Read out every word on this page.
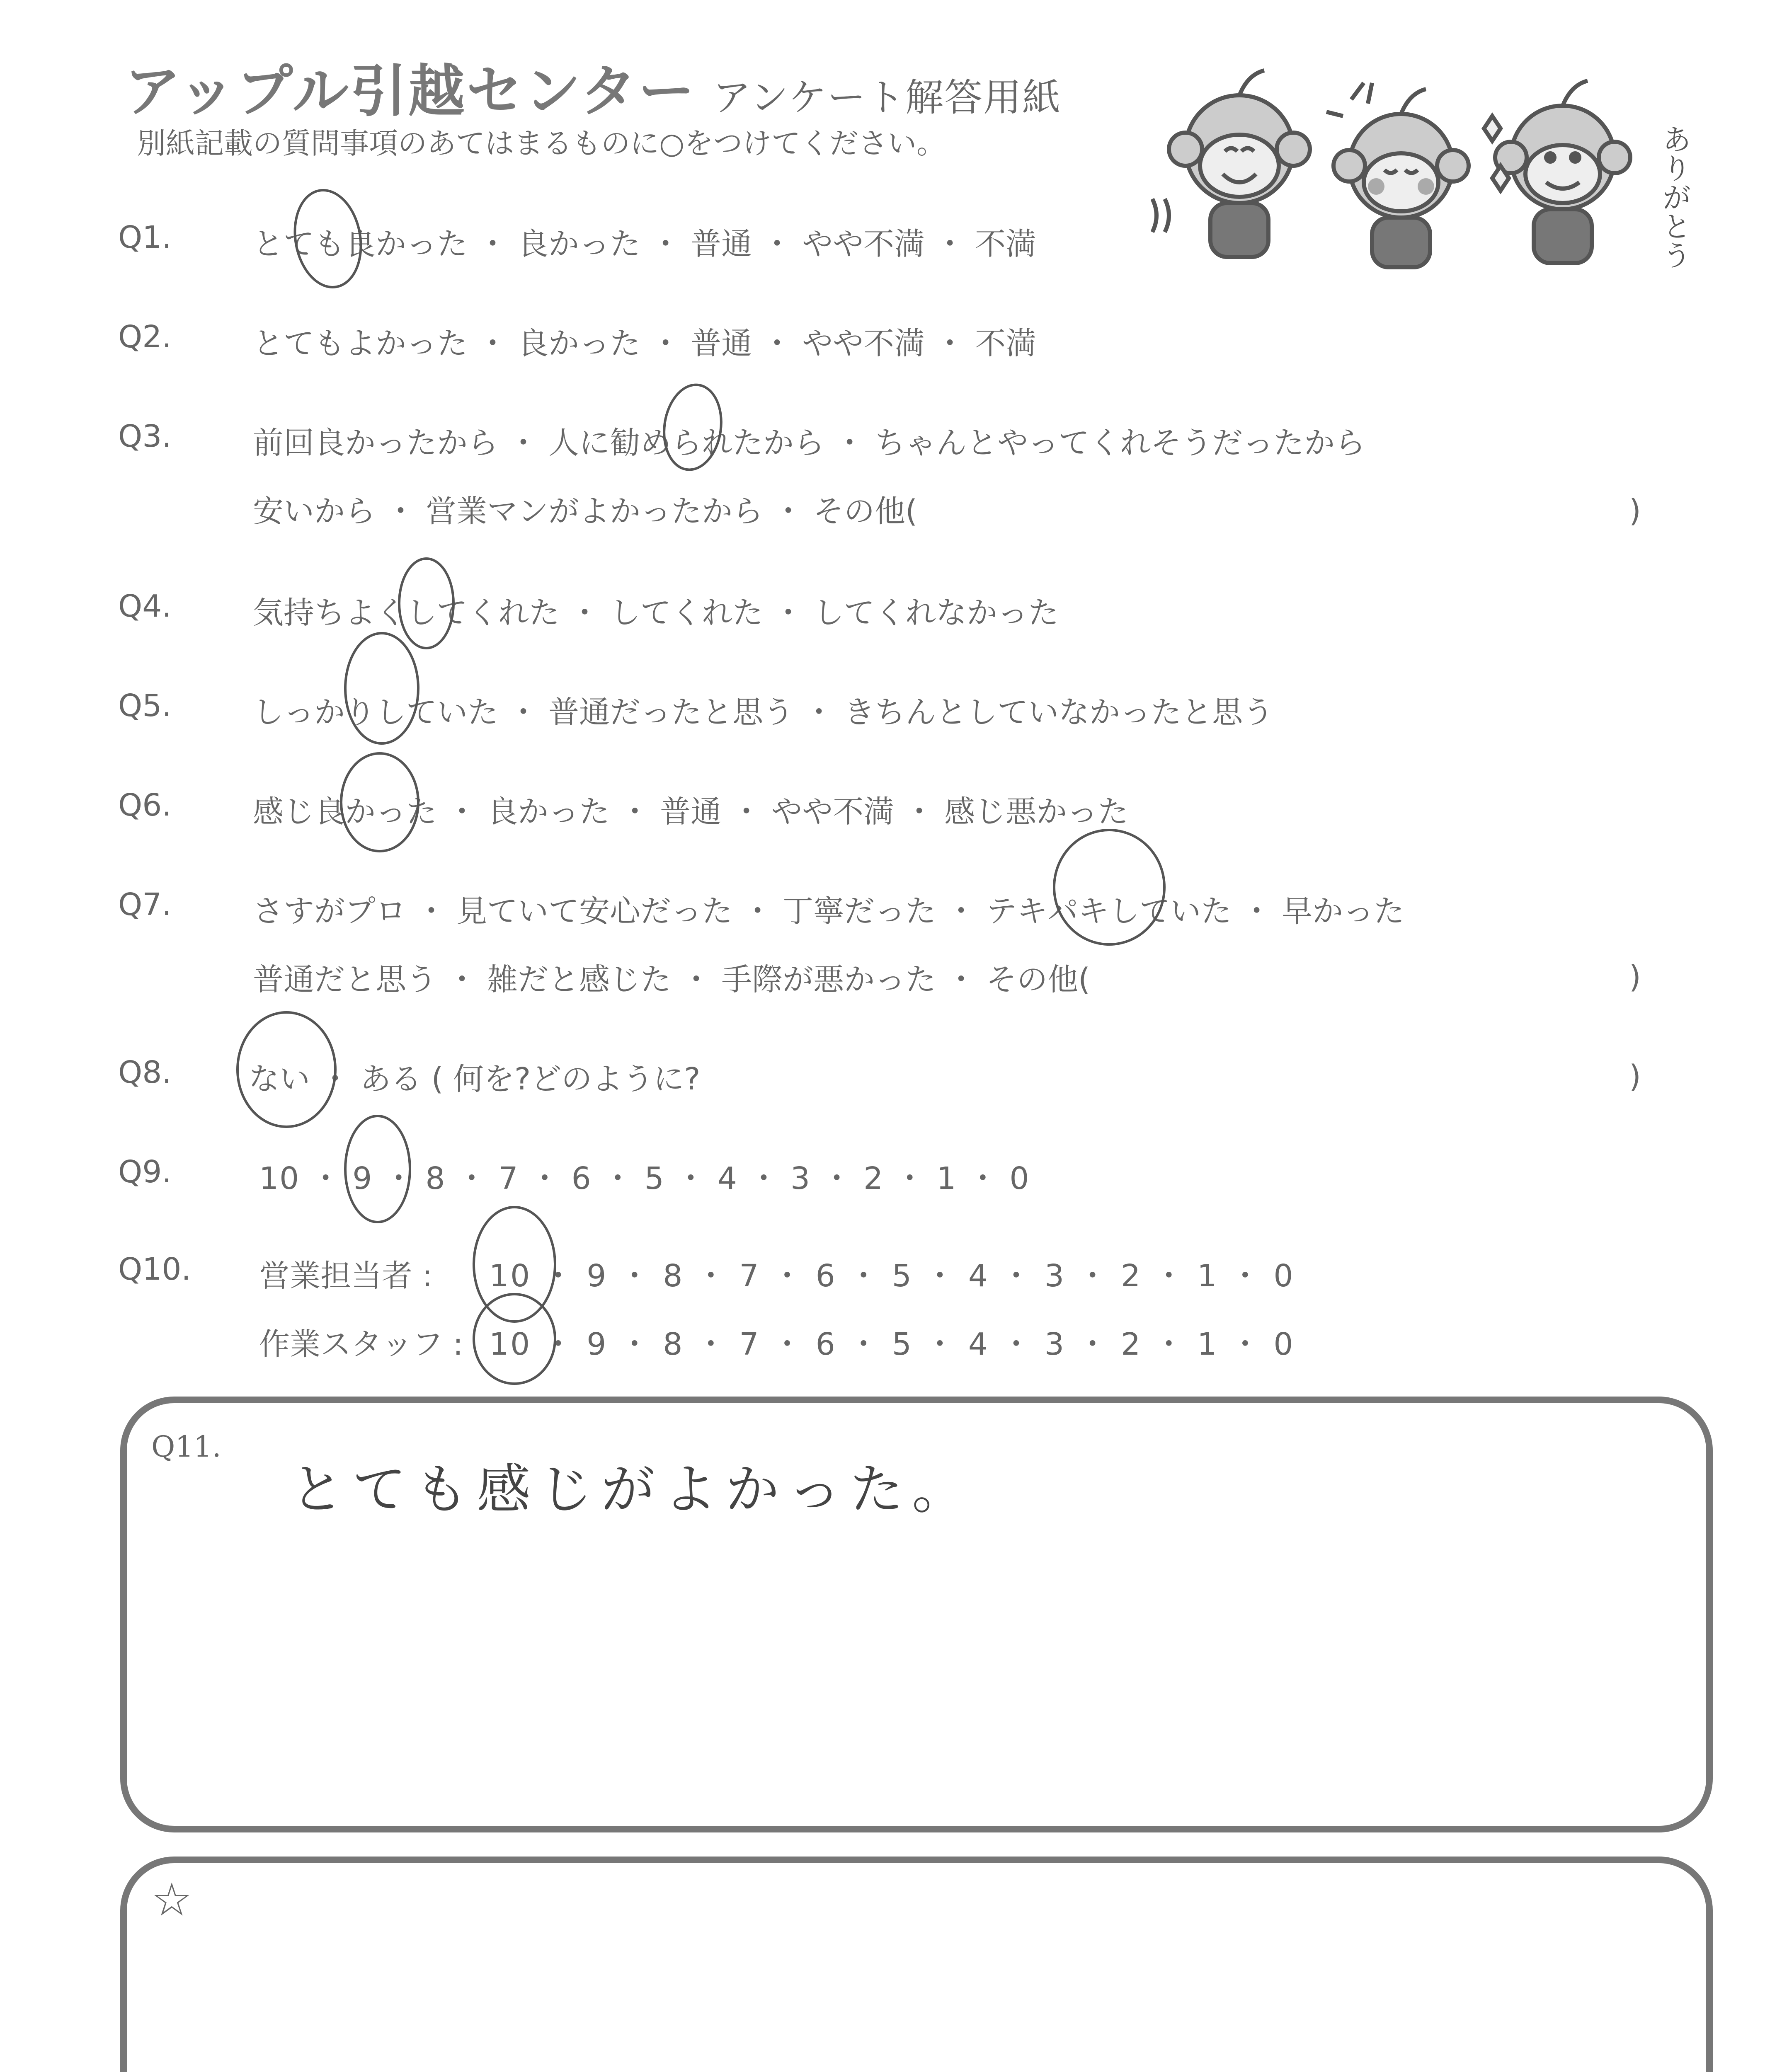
アップル引越センター アンケート解答用紙
別紙記載の質問事項のあてはまるものに○をつけてください。	ありがとう
Q1.	とても良かった ・ 良かった ・ 普通 ・ やや不満 ・ 不満
Q2.	とてもよかった ・ 良かった ・ 普通 ・ やや不満 ・ 不満
Q3.	前回良かったから ・ 人に勧められたから ・ ちゃんとやってくれそうだったから
安いから ・ 営業マンがよかったから ・ その他(	)
Q4.	気持ちよくしてくれた ・ してくれた ・ してくれなかった
Q5.	しっかりしていた ・ 普通だったと思う ・ きちんとしていなかったと思う
Q6.	感じ良かった ・ 良かった ・ 普通 ・ やや不満 ・ 感じ悪かった
Q7.	さすがプロ ・ 見ていて安心だった ・ 丁寧だった ・ テキパキしていた ・ 早かった
普通だと思う ・ 雑だと感じた ・ 手際が悪かった ・ その他(	)
Q8.	ない ・ ある ( 何を?どのように?	)
Q9.	10 ・ 9 ・ 8 ・ 7 ・ 6 ・ 5 ・ 4 ・ 3 ・ 2 ・ 1 ・ 0
Q10. 営業担当者 : 10 ・ 9 ・ 8 ・ 7 ・ 6 ・ 5 ・ 4 ・ 3 ・ 2 ・ 1 ・ 0
作業スタッフ : 10 ・ 9 ・ 8 ・ 7 ・ 6 ・ 5 ・ 4 ・ 3 ・ 2 ・ 1 ・ 0
Q11.
とても感じがよかった。
☆
